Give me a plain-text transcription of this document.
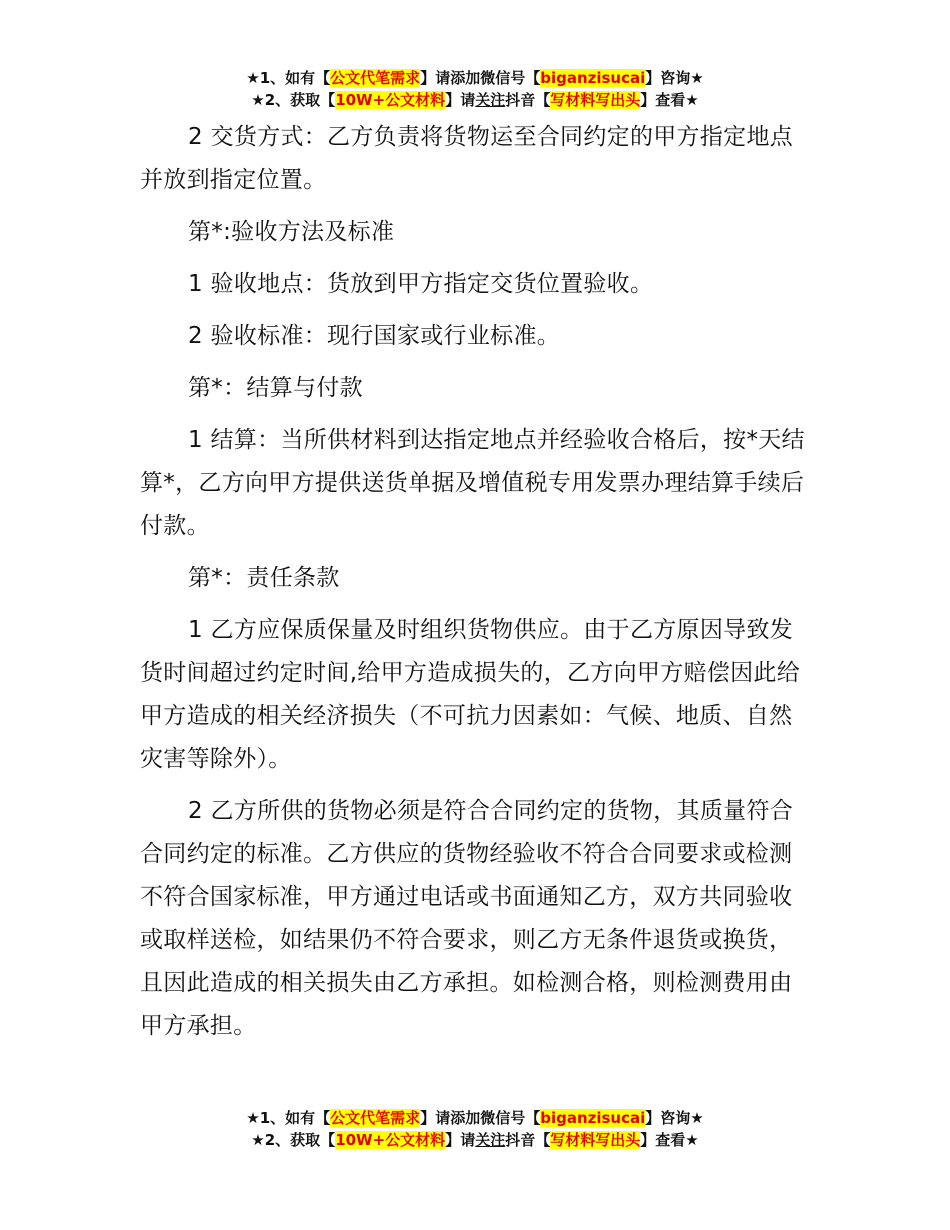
★1、如有【公文代笔需求】请添加微信号【biganzisucai】咨询★
★2、获取【10W+公文材料】请关注抖音【写材料写出头】查看★

2 交货方式：乙方负责将货物运至合同约定的甲方指定地点并放到指定位置。

第*:验收方法及标准

1 验收地点：货放到甲方指定交货位置验收。

2 验收标准：现行国家或行业标准。

第*：结算与付款

1 结算：当所供材料到达指定地点并经验收合格后，按*天结算*，乙方向甲方提供送货单据及增值税专用发票办理结算手续后付款。

第*：责任条款

1 乙方应保质保量及时组织货物供应。由于乙方原因导致发货时间超过约定时间,给甲方造成损失的，乙方向甲方赔偿因此给甲方造成的相关经济损失（不可抗力因素如：气候、地质、自然灾害等除外）。

2 乙方所供的货物必须是符合合同约定的货物，其质量符合合同约定的标准。乙方供应的货物经验收不符合合同要求或检测不符合国家标准，甲方通过电话或书面通知乙方，双方共同验收或取样送检，如结果仍不符合要求，则乙方无条件退货或换货，且因此造成的相关损失由乙方承担。如检测合格，则检测费用由甲方承担。

★1、如有【公文代笔需求】请添加微信号【biganzisucai】咨询★
★2、获取【10W+公文材料】请关注抖音【写材料写出头】查看★
